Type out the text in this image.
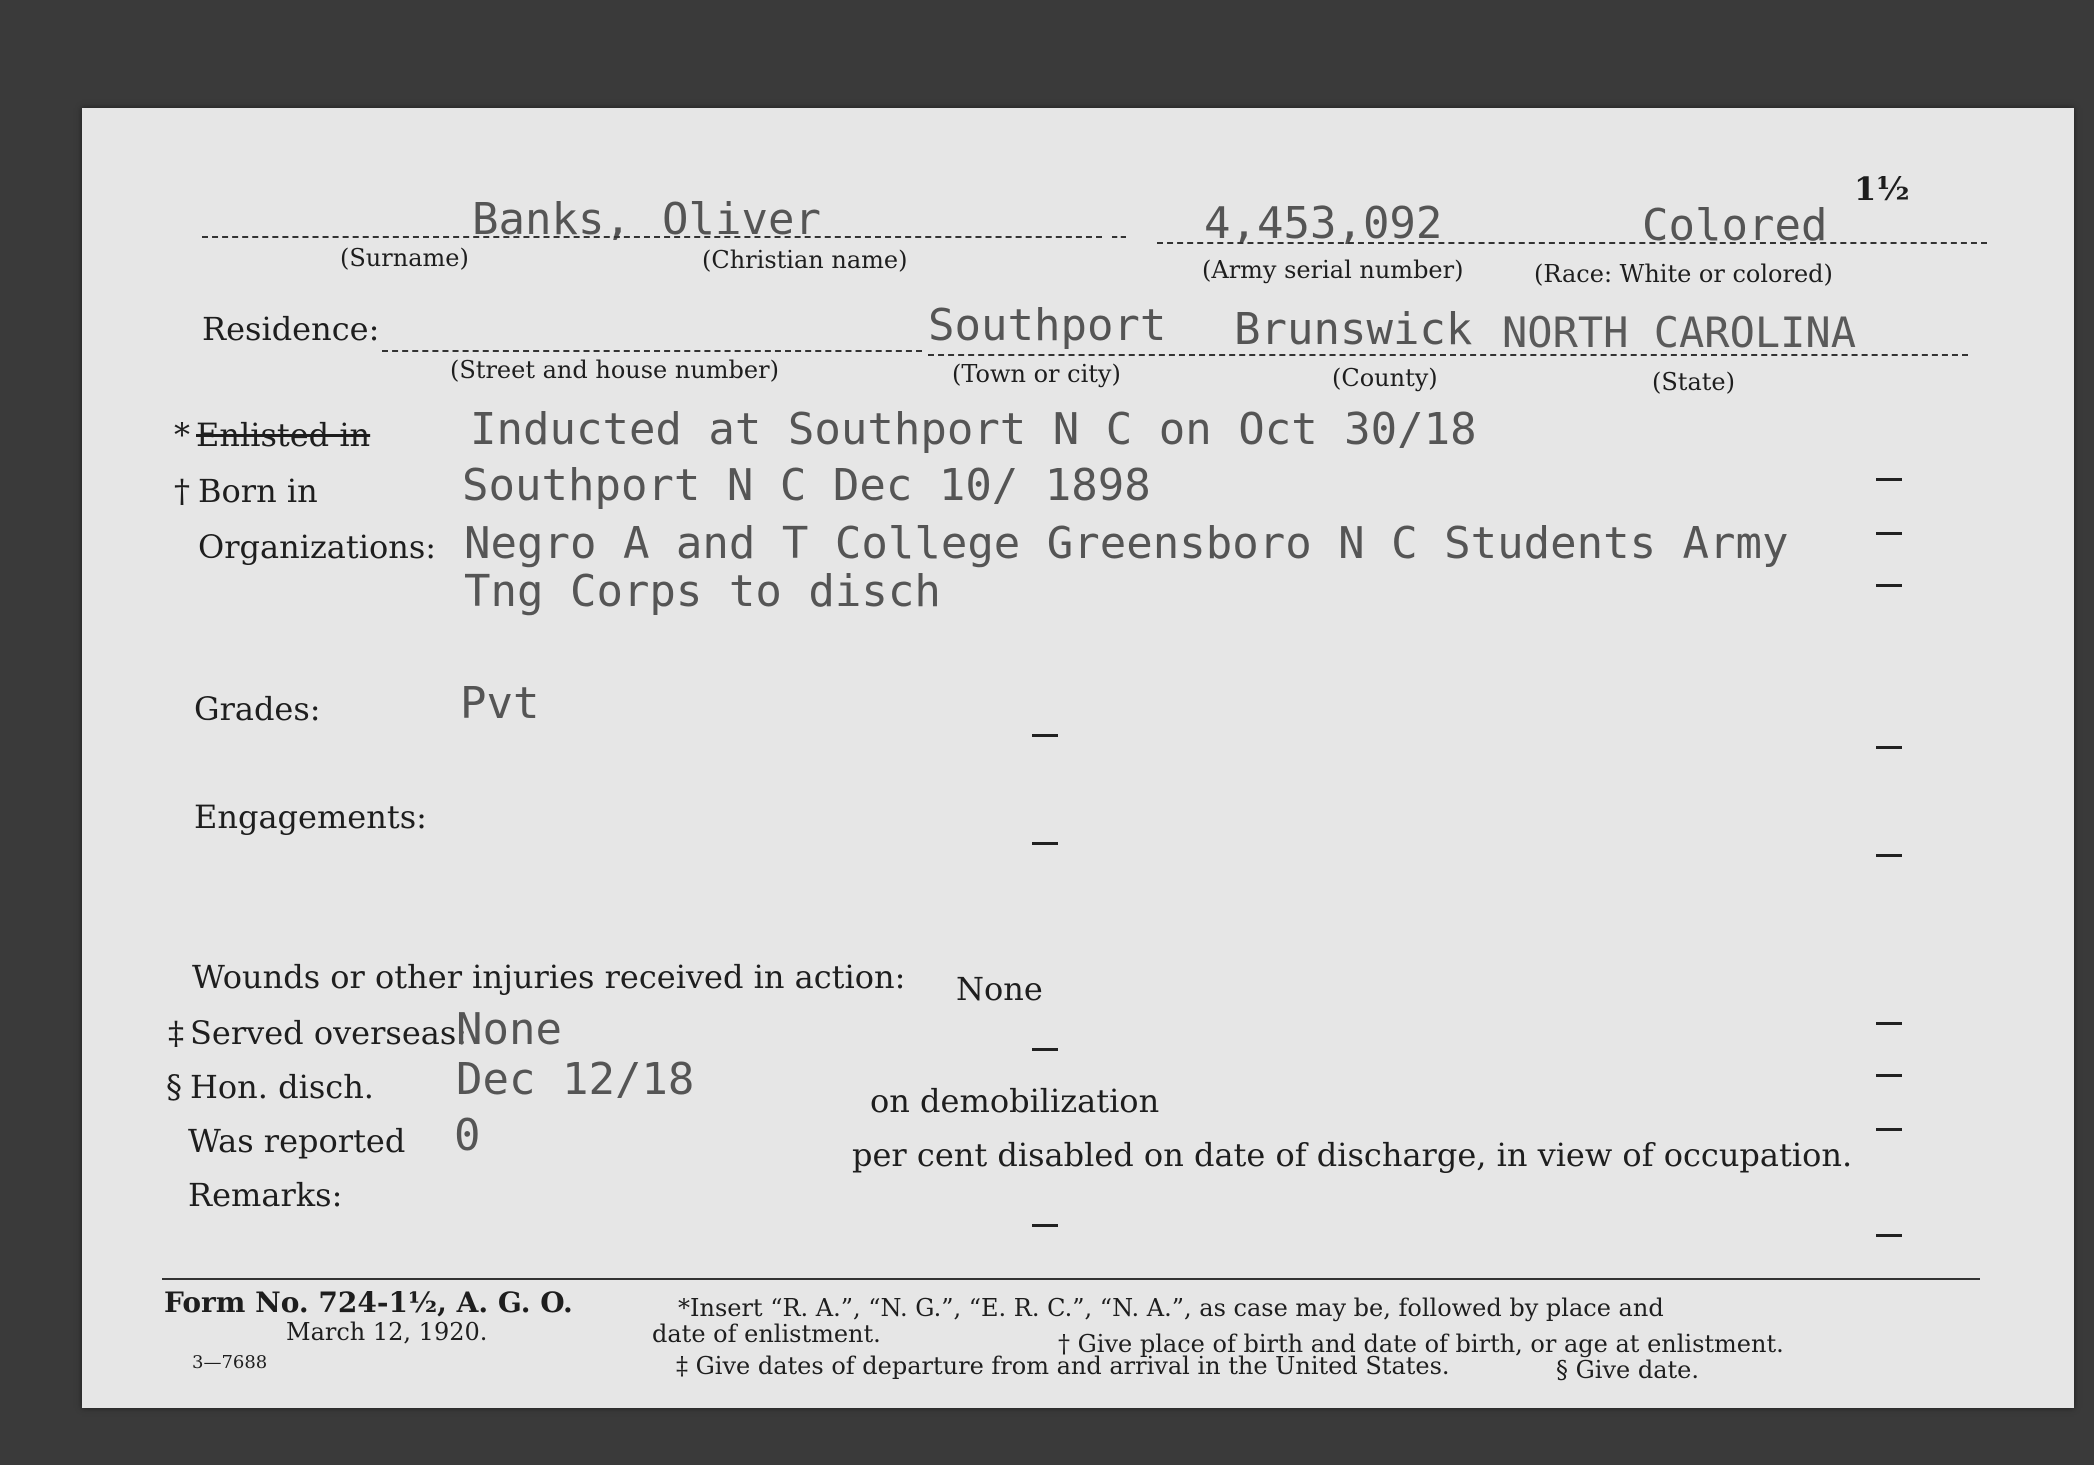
1½
Banks, Oliver	4,453,092	Colored
(Surname)	(Christian name)	(Army serial number)	(Race: White or colored)
Residence:	Southport Brunswick NORTH CAROLINA
(Street and house number)	(Town or city)	(County)	(State)
* Enlisted in Inducted at Southport N C on Oct 30/18
† Born in	Southport N C Dec 10/ 1898
Organizations: Negro A and T College Greensboro N C Students Army
Tng Corps to disch
Grades:	Pvt
Engagements:
Wounds or other injuries received in action: None
‡ Served overseas:
None
§ Hon. disch. Dec 12/18	on demobilization
Was reported 0	per cent disabled on date of discharge, in view of occupation.
Remarks:
Form No. 724-1½, A. G. O.
March 12, 1920.
3—7688
*Insert “R. A.”, “N. G.”, “E. R. C.”, “N. A.”, as case may be, followed by place and
date of enlistment.	† Give place of birth and date of birth, or age at enlistment.
‡ Give dates of departure from and arrival in the United States.	§ Give date.
